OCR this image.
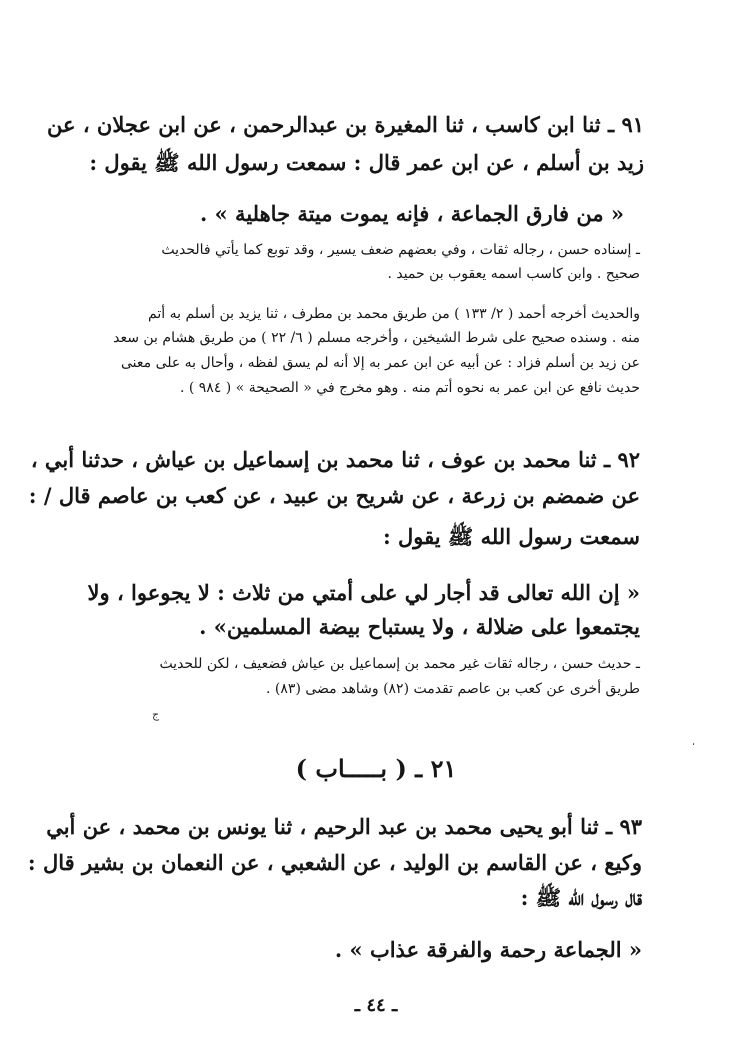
٩١ ـ ثنا ابن كاسب ، ثنا المغيرة بن عبدالرحمن ، عن ابن عجلان ، عن
زيد بن أسلم ، عن ابن عمر قال : سمعت رسول الله ﷺ يقول :
« من فارق الجماعة ، فإنه يموت ميتة جاهلية » .
ـ إسناده حسن ، رجاله ثقات ، وفي بعضهم ضعف يسير ، وقد توبع كما يأتي فالحديث
صحيح . وابن كاسب اسمه يعقوب بن حميد .
والحديث أخرجه أحمد ( ٢/ ١٣٣ ) من طريق محمد بن مطرف ، ثنا يزيد بن أسلم به أتم
منه . وسنده صحيح على شرط الشيخين ، وأخرجه مسلم ( ٦/ ٢٢ ) من طريق هشام بن سعد
عن زيد بن أسلم فزاد : عن أبيه عن ابن عمر به إلا أنه لم يسق لفظه ، وأحال به على معنى
حديث نافع عن ابن عمر به نحوه أتم منه . وهو مخرج في « الصحيحة » ( ٩٨٤ ) .
٩٢ ـ ثنا محمد بن عوف ، ثنا محمد بن إسماعيل بن عياش ، حدثنا أبي ،
عن ضمضم بن زرعة ، عن شريح بن عبيد ، عن كعب بن عاصم قال / :
سمعت رسول الله ﷺ يقول :
« إن الله تعالى قد أجار لي على أمتي من ثلاث : لا يجوعوا ، ولا
يجتمعوا على ضلالة ، ولا يستباح بيضة المسلمين» .
ـ حديث حسن ، رجاله ثقات غير محمد بن إسماعيل بن عياش فضعيف ، لكن للحديث
طريق أخرى عن كعب بن عاصم تقدمت (٨٢) وشاهد مضى (٨٣) .
ج
،
٢١ ـ ( بـــــاب )
٩٣ ـ ثنا أبو يحيى محمد بن عبد الرحيم ، ثنا يونس بن محمد ، عن أبي
وكيع ، عن القاسم بن الوليد ، عن الشعبي ، عن النعمان بن بشير قال :
قال رسول الله ﷺ :
« الجماعة رحمة والفرقة عذاب » .
ـ ٤٤ ـ
